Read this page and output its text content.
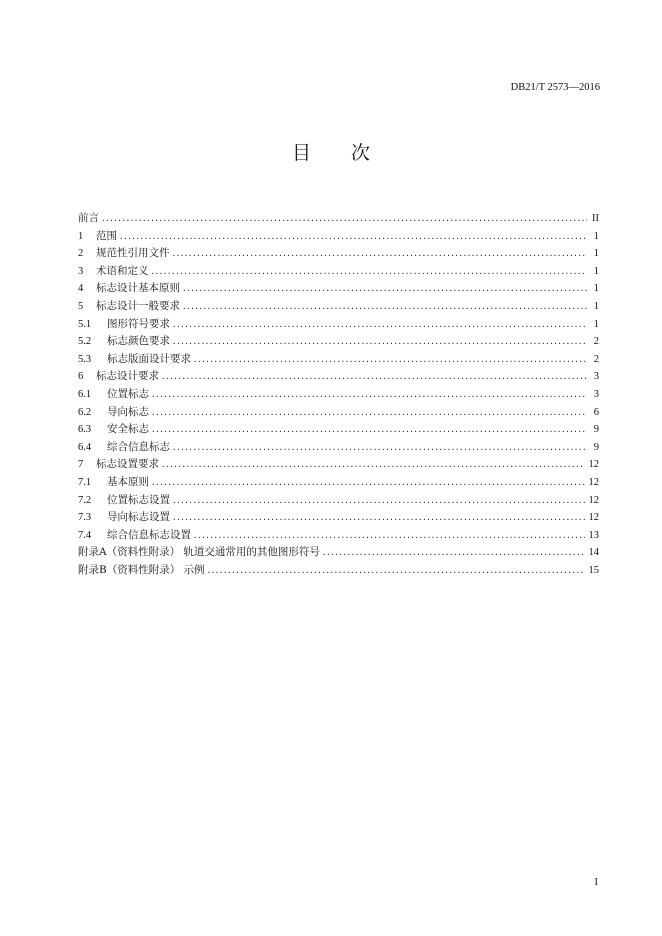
DB21/T 2573—2016
目 次
前言 .....	II
1	范围 .....	1
2	规范性引用文件 .....	1
3	术语和定义 .....	1
4	标志设计基本原则 .....	1
5	标志设计一般要求 .....	1
5.1	图形符号要求 .....	1
5.2	标志颜色要求 .....	2
5.3	标志版面设计要求 .....	2
6	标志设计要求 .....	3
6.1	位置标志 .....	3
6.2	导向标志 .....	6
6.3	安全标志 .....	9
6.4	综合信息标志 .....	9
7	标志设置要求 .....	12
7.1	基本原则 .....	12
7.2	位置标志设置 .....	12
7.3	导向标志设置 .....	12
7.4	综合信息标志设置 .....	13
附录A（资料性附录） 轨道交通常用的其他图形符号 .....	14
附录B（资料性附录） 示例 .....	15
I
